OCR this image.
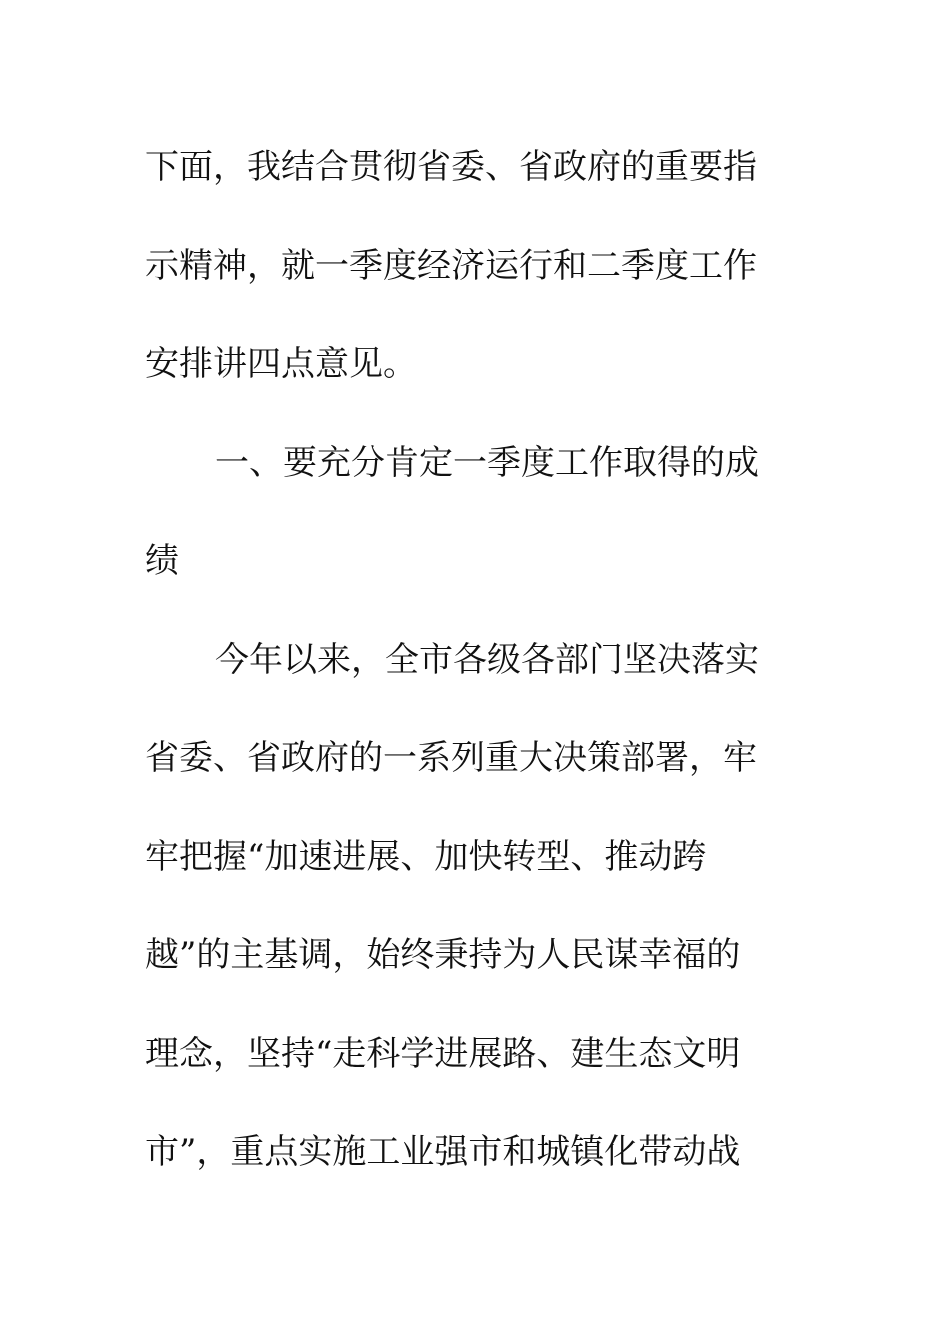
下面，我结合贯彻省委、省政府的重要指
示精神，就一季度经济运行和二季度工作
安排讲四点意见。
一、要充分肯定一季度工作取得的成
绩
今年以来，全市各级各部门坚决落实
省委、省政府的一系列重大决策部署，牢
牢把握“加速进展、加快转型、推动跨
越”的主基调，始终秉持为人民谋幸福的
理念，坚持“走科学进展路、建生态文明
市”，重点实施工业强市和城镇化带动战
